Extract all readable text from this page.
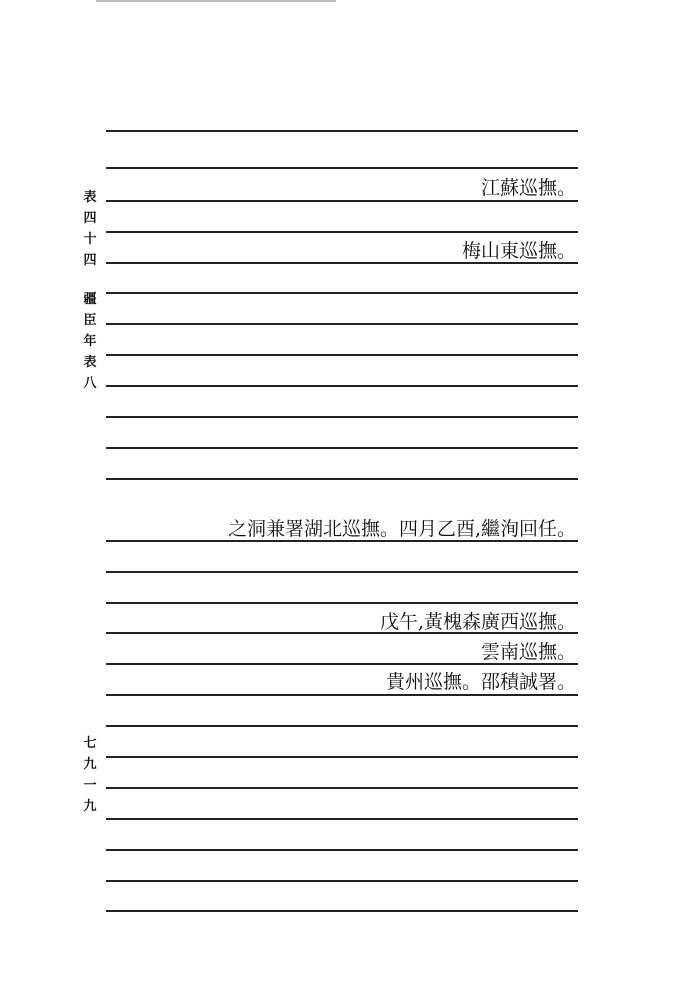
表
四
十
四
疆
臣
年
表
八
七
九
一
九
江蘇巡撫。
梅山東巡撫。
之洞兼署湖北巡撫。四月乙酉,繼洵回任。
戊午,黃槐森廣西巡撫。
雲南巡撫。
貴州巡撫。邵積誠署。
